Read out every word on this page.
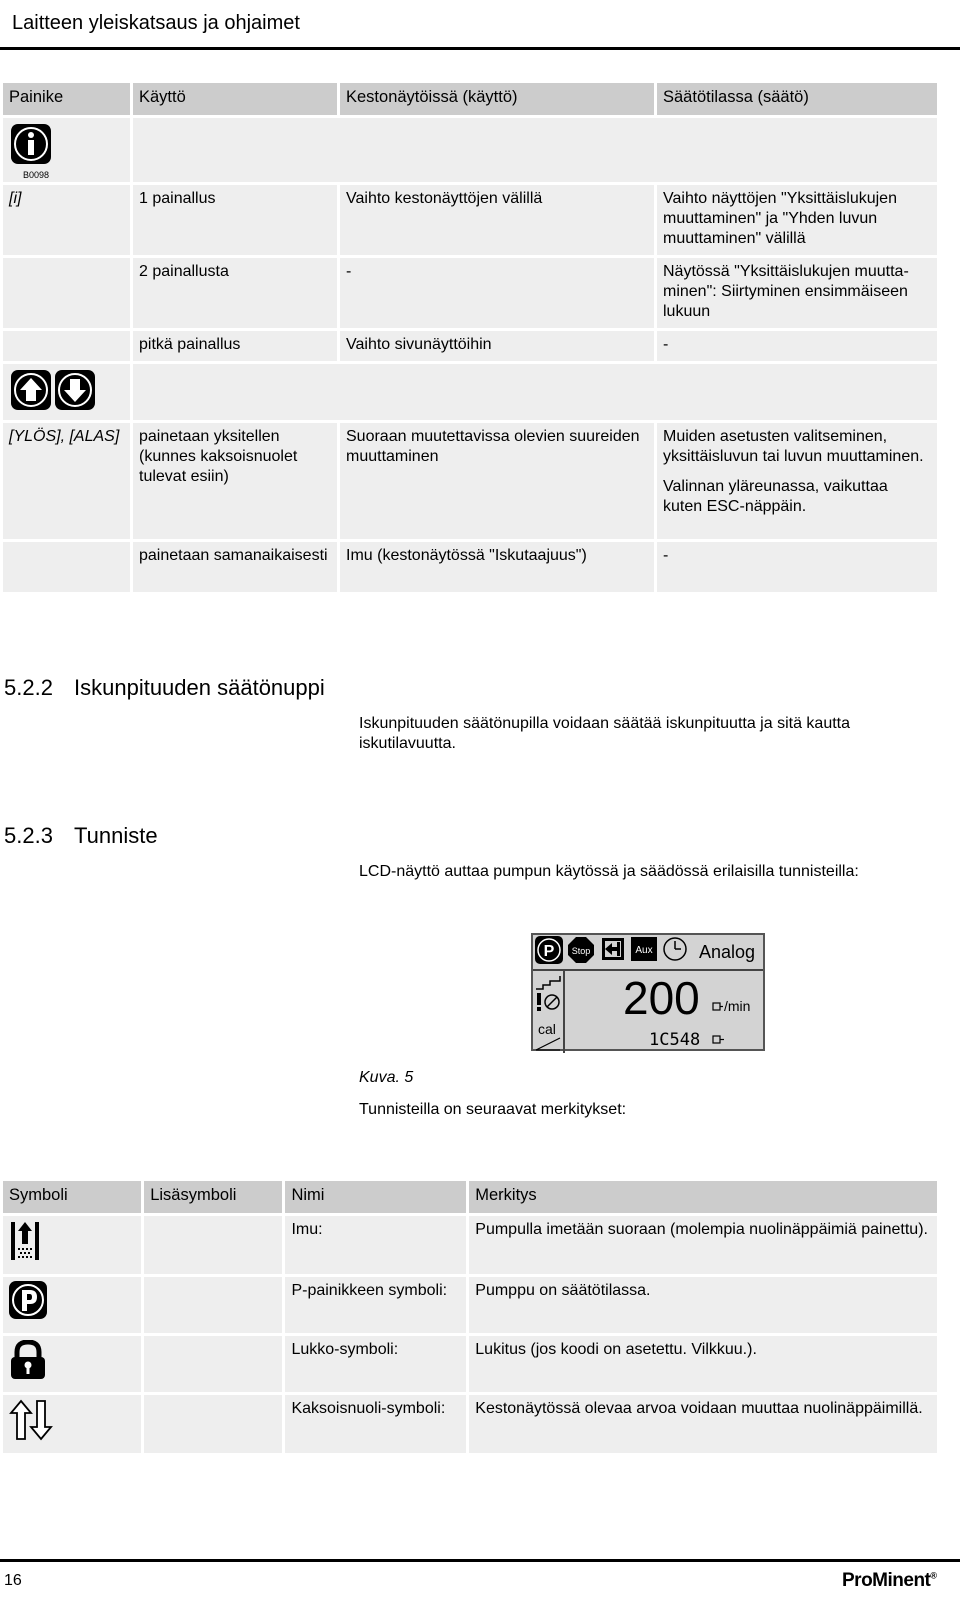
Laitteen yleiskatsaus ja ohjaimet
Painike	Käyttö	Kestonäytöissä (käyttö)	Säätötilassa (säätö)

B0098			

[i]	1 painallus	Vaihto kestonäyttöjen välillä	Vaihto näyttöjen "Yksittäislukujen muuttaminen" ja "Yhden luvun muuttaminen" välillä
	2 painallusta	-	Näytössä "Yksittäislukujen muuttaminen": Siirtyminen ensimmäiseen lukuun
	pitkä painallus	Vaihto sivunäyttöihin	-

[YLÖS], [ALAS]	painetaan yksitellen (kunnes kaksoisnuolet tulevat esiin)	Suoraan muutettavissa olevien suureiden muuttaminen	Muiden asetusten valitseminen, yksittäisluvun tai luvun muuttaminen.
Valinnan yläreunassa, vaikuttaa kuten ESC-näppäin.
	painetaan samanaikaisesti	Imu (kestonäytössä "Iskutaajuus")	-
5.2.2 Iskunpituuden säätönuppi
Iskunpituuden säätönupilla voidaan säätää iskunpituutta ja sitä kautta iskutilavuutta.
5.2.3 Tunniste
LCD-näyttö auttaa pumpun käytössä ja säädössä erilaisilla tunnisteilla:
P Stop	Aux	Analog
cal
200 /min
1C548
Kuva. 5
Tunnisteilla on seuraavat merkitykset:
Symboli	Lisäsymboli	Nimi	Merkitys
		Imu:	Pumpulla imetään suoraan (molempia nuolinäppäimiä painettu).
		P-painikkeen symboli:	Pumppu on säätötilassa.
		Lukko-symboli:	Lukitus (jos koodi on asetettu. Vilkkuu.).
		Kaksoisnuoli-symboli:	Kestonäytössä olevaa arvoa voidaan muuttaa nuolinäppäimillä.
16	ProMinent®
